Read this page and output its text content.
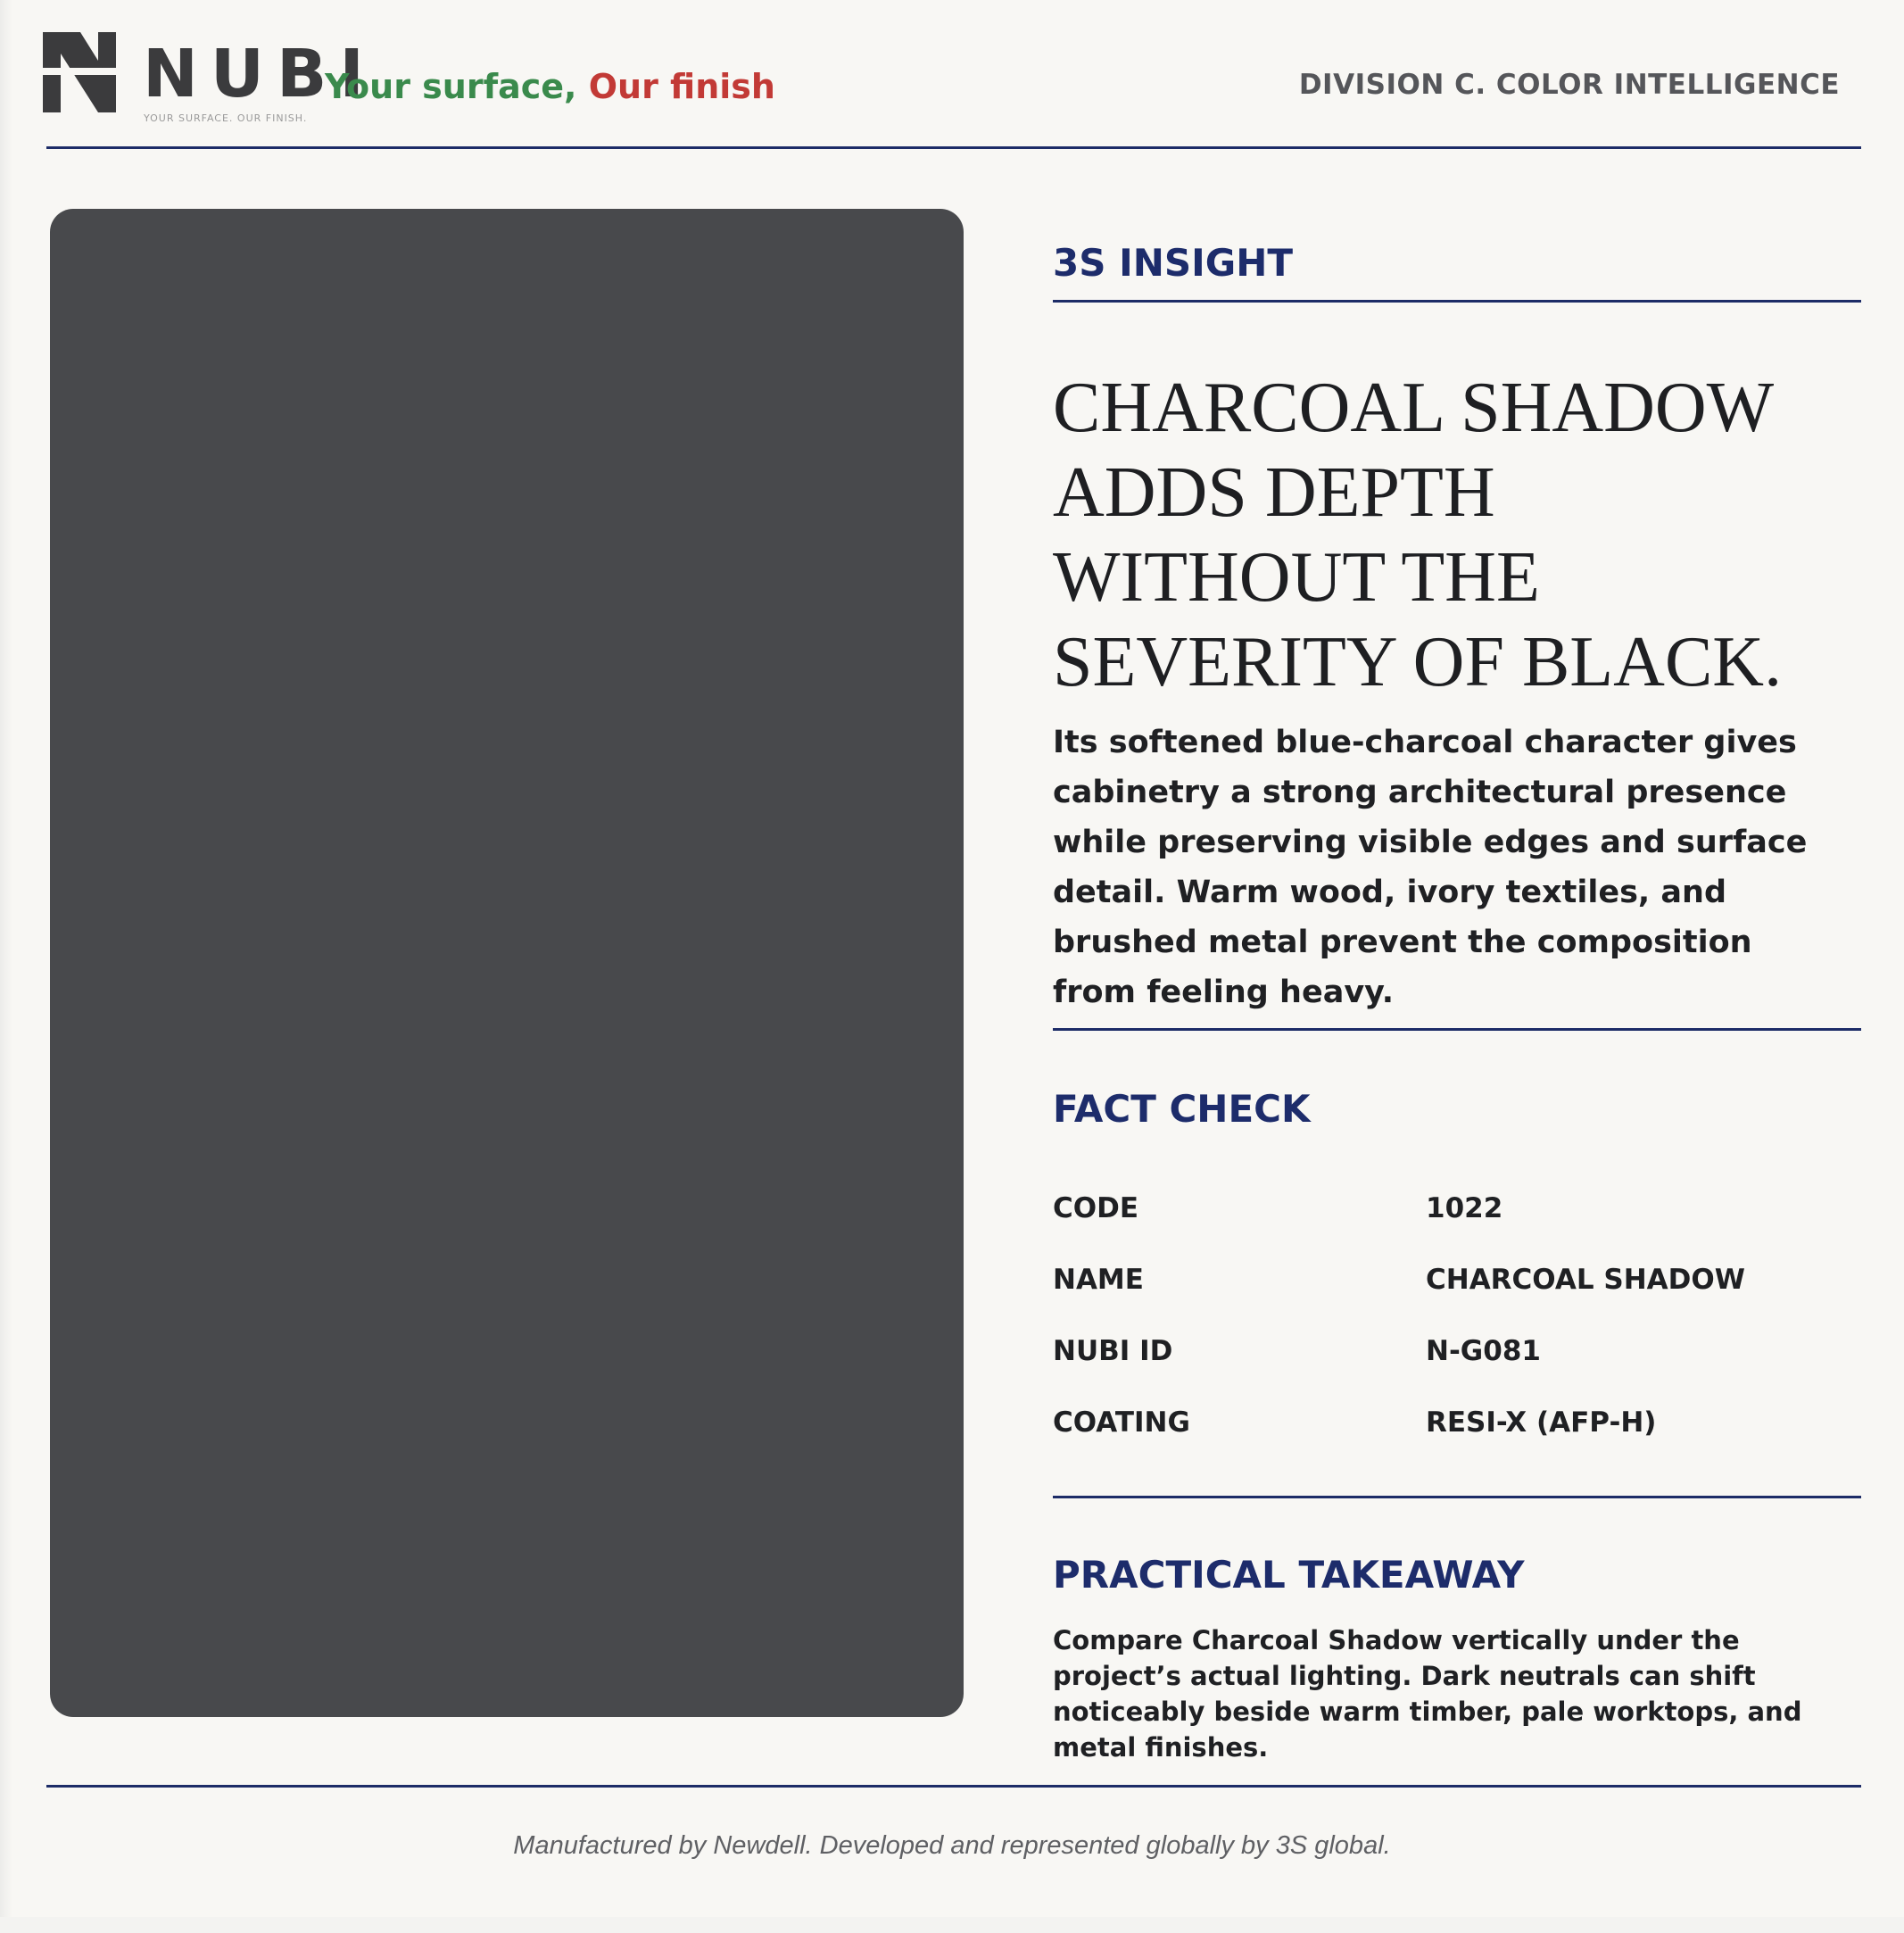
NUBI
YOUR SURFACE. OUR FINISH.
Your surface, Our finish	DIVISION C. COLOR INTELLIGENCE
3S INSIGHT
CHARCOAL SHADOW
ADDS DEPTH
WITHOUT THE
SEVERITY OF BLACK.

Its softened blue-charcoal character gives cabinetry a strong architectural presence while preserving visible edges and surface detail. Warm wood, ivory textiles, and brushed metal prevent the composition from feeling heavy.

FACT CHECK
CODE	1022
NAME	CHARCOAL SHADOW
NUBI ID	N-G081
COATING	RESI-X (AFP-H)
PRACTICAL TAKEAWAY

Compare Charcoal Shadow vertically under the project’s actual lighting. Dark neutrals can shift noticeably beside warm timber, pale worktops, and metal finishes.

Manufactured by Newdell. Developed and represented globally by 3S global.
